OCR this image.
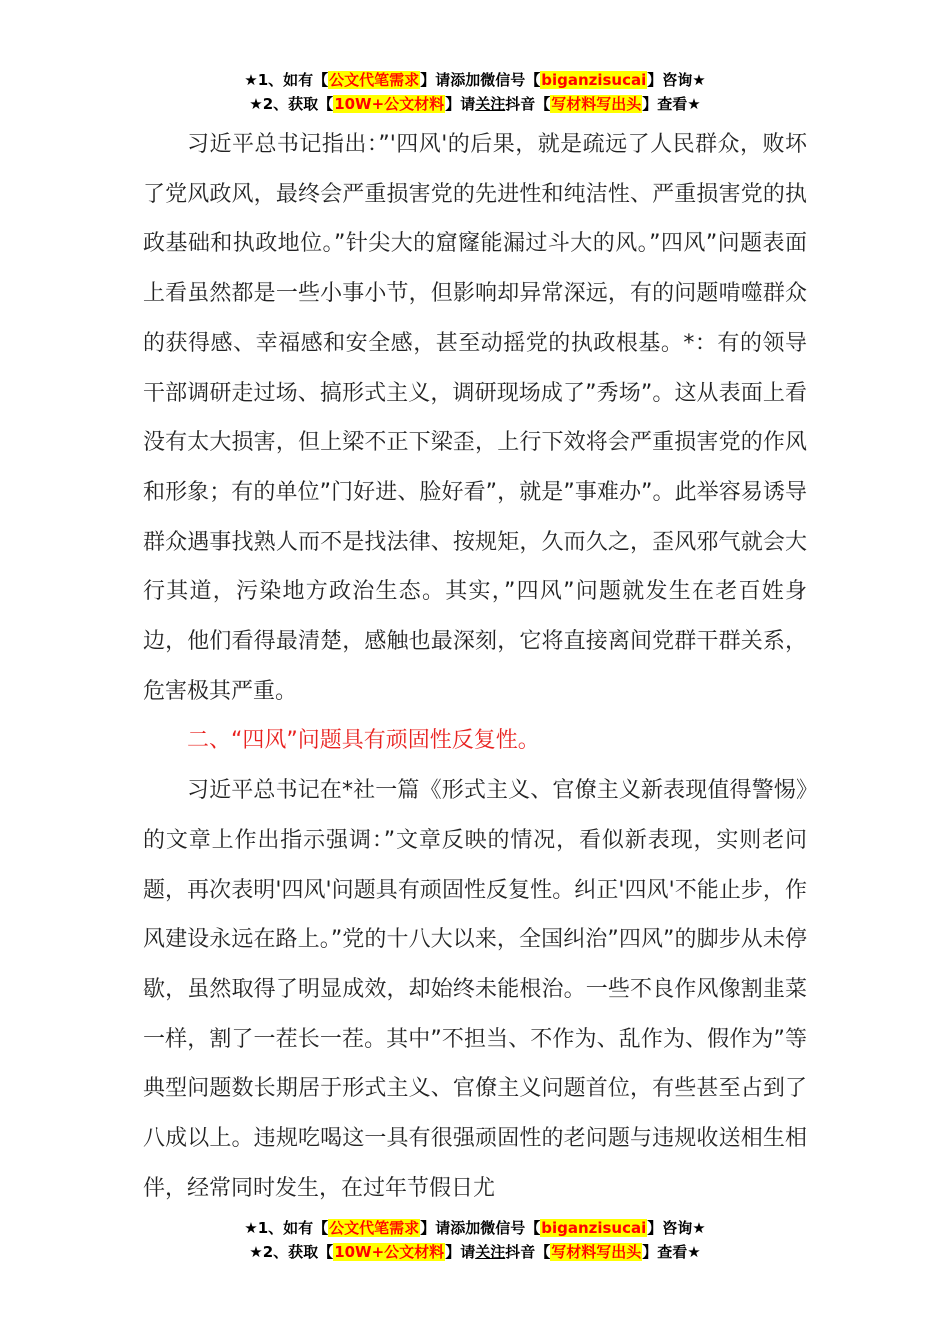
★1、如有【公文代笔需求】请添加微信号【biganzisucai】咨询★
★2、获取【10W+公文材料】请关注抖音【写材料写出头】查看★

习近平总书记指出：”'四风'的后果，就是疏远了人民群众，败坏了党风政风，最终会严重损害党的先进性和纯洁性、严重损害党的执政基础和执政地位。”针尖大的窟窿能漏过斗大的风。”四风”问题表面上看虽然都是一些小事小节，但影响却异常深远，有的问题啃噬群众的获得感、幸福感和安全感，甚至动摇党的执政根基。*：有的领导干部调研走过场、搞形式主义，调研现场成了”秀场”。这从表面上看没有太大损害，但上梁不正下梁歪，上行下效将会严重损害党的作风和形象；有的单位”门好进、脸好看”，就是”事难办”。此举容易诱导群众遇事找熟人而不是找法律、按规矩，久而久之，歪风邪气就会大行其道，污染地方政治生态。其实，”四风”问题就发生在老百姓身边，他们看得最清楚，感触也最深刻，它将直接离间党群干群关系，危害极其严重。

二、“四风”问题具有顽固性反复性。

习近平总书记在*社一篇《形式主义、官僚主义新表现值得警惕》的文章上作出指示强调：”文章反映的情况，看似新表现，实则老问题，再次表明'四风'问题具有顽固性反复性。纠正'四风'不能止步，作风建设永远在路上。”党的十八大以来，全国纠治”四风”的脚步从未停歇，虽然取得了明显成效，却始终未能根治。一些不良作风像割韭菜一样，割了一茬长一茬。其中”不担当、不作为、乱作为、假作为”等典型问题数长期居于形式主义、官僚主义问题首位，有些甚至占到了八成以上。违规吃喝这一具有很强顽固性的老问题与违规收送相生相伴，经常同时发生，在过年节假日尤

★1、如有【公文代笔需求】请添加微信号【biganzisucai】咨询★
★2、获取【10W+公文材料】请关注抖音【写材料写出头】查看★
